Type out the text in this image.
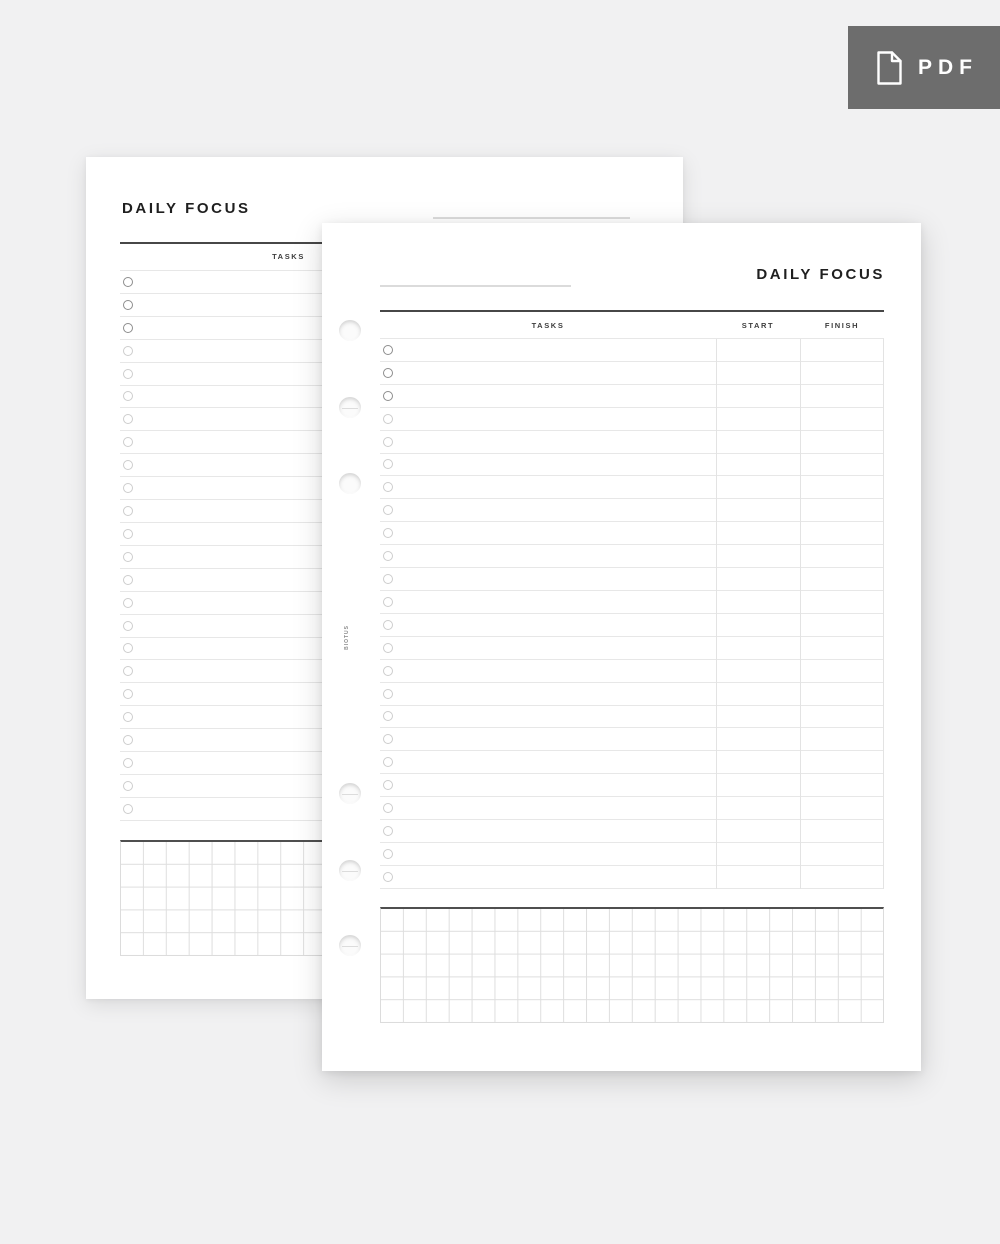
DAILY FOCUS
TASKS
BIOTUS
DAILY FOCUS
TASKS	START	FINISH
PDF
